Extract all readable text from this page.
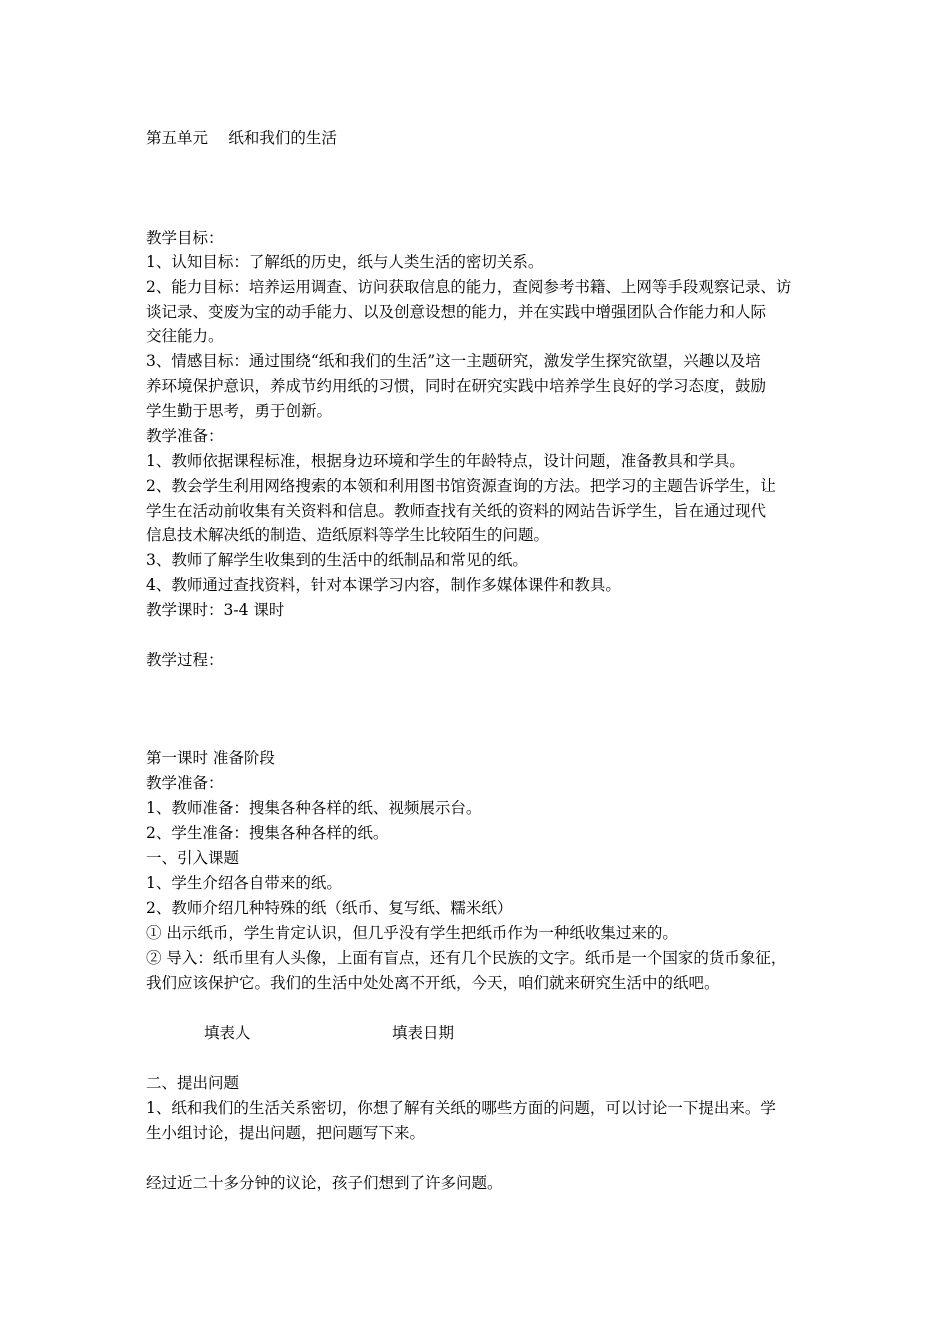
第五单元　 纸和我们的生活
教学目标：
1、认知目标：了解纸的历史，纸与人类生活的密切关系。
2、能力目标：培养运用调查、访问获取信息的能力，查阅参考书籍、上网等手段观察记录、访
谈记录、变废为宝的动手能力、以及创意设想的能力，并在实践中增强团队合作能力和人际
交往能力。
3、情感目标：通过围绕“纸和我们的生活”这一主题研究，激发学生探究欲望，兴趣以及培
养环境保护意识，养成节约用纸的习惯，同时在研究实践中培养学生良好的学习态度，鼓励
学生勤于思考，勇于创新。
教学准备：
1、教师依据课程标准，根据身边环境和学生的年龄特点，设计问题，准备教具和学具。
2、教会学生利用网络搜索的本领和利用图书馆资源查询的方法。把学习的主题告诉学生，让
学生在活动前收集有关资料和信息。教师查找有关纸的资料的网站告诉学生，旨在通过现代
信息技术解决纸的制造、造纸原料等学生比较陌生的问题。
3、教师了解学生收集到的生活中的纸制品和常见的纸。
4、教师通过查找资料，针对本课学习内容，制作多媒体课件和教具。
教学课时：3-4 课时
教学过程：
第一课时 准备阶段
教学准备：
1、教师准备：搜集各种各样的纸、视频展示台。
2、学生准备：搜集各种各样的纸。
一、引入课题
1、学生介绍各自带来的纸。
2、教师介绍几种特殊的纸（纸币、复写纸、糯米纸）
① 出示纸币，学生肯定认识，但几乎没有学生把纸币作为一种纸收集过来的。
② 导入：纸币里有人头像，上面有盲点，还有几个民族的文字。纸币是一个国家的货币象征，
我们应该保护它。我们的生活中处处离不开纸，今天，咱们就来研究生活中的纸吧。
填表人	填表日期
二、提出问题
1、纸和我们的生活关系密切，你想了解有关纸的哪些方面的问题，可以讨论一下提出来。学
生小组讨论，提出问题，把问题写下来。
经过近二十多分钟的议论，孩子们想到了许多问题。
